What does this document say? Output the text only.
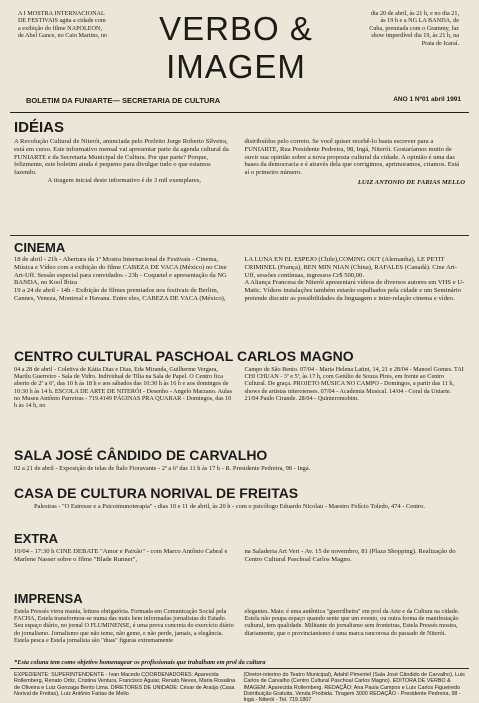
A I MOSTRA INTERNACIONAL DE FESTIVAIS agita a cidade com a exibição do filme NAPOLEON, de Abel Gance, no Caio Martins, no	VERBO & IMAGEM
dia 20 de abril, às 21 h, e no dia 21, às 19 h e a NG LA BANDA, de Cuba, premiada com o Grammy, faz show imperdível dia 19, às 21 h, na Praia de Icaraí.
BOLETIM DA FUNIARTE— SECRETARIA DE CULTURA	ANO 1 Nº01 abril 1991
IDÉIAS

A Revolução Cultural de Niterói, anunciada pelo Prefeito Jorge Roberto Silveira, está em curso. Este informativo mensal vai apresentar parte da agenda cultural da FUNIARTE e da Secretaria Municipal de Cultura. Por que parte? Porque, felizmente, este boletim ainda é pequeno para divulgar tudo o que estamos fazendo.

A tiragem inicial deste informativo é de 3 mil exemplares,

distribuídos pelo correio. Se você quiser recebê-lo basta escrever para a FUNIARTE, Rua Presidente Pedreira, 98, Ingá, Niterói. Gostaríamos muito de ouvir sua opinião sobre a nova proposta cultural da cidade. A opinião é uma das bases da democracia e é através dela que corrigimos, aprimoramos, criamos. Está aí o primeiro número.

LUIZ ANTONIO DE FARIAS MELLO

CINEMA

18 de abril - 21h - Abertura da 1ª Mostra Internacional de Festivais - Cinema, Música e Vídeo com a exibição do filme CABEZA DE VACA (México) no Cine Art-Uff. Sessão especial para convidados - 23h - Coquetel e apresentação da NG BANDA, no Kool Ibiza

19 a 24 de abril - 14h - Exibição de filmes premiados nos festivais de Berlim, Cannes, Veneza, Montreal e Havana. Entre eles, CABEZA DE VACA (México),

LA LUNA EN EL ESPEJO (Chile),COMING OUT (Alemanha), LE PETIT CRIMINEL (França), BEN MIN NIAN (China), RAFALES (Canadá). Cine Art-Uff, sessões contínuas, ingressos Cr$ 500,00.

A Aliança Francesa de Niterói apresentará vídeos de diversos autores em VHS e U-Matic. Vídeos instalações também estarão espalhados pela cidade e um Seminário pretende discutir as possibilidades da linguagem e inter-relação cinema e vídeo.

CENTRO CULTURAL PASCHOAL CARLOS MAGNO

04 a 28 de abril - Coletiva de Kátia Dias e Dias, Eda Miranda, Guilherme Vergara, Marilu Guerreiro - Sala de Vidro. Individual de Tilia na Sala de Papel. O Centro fica aberto de 2ª a 6ª, das 10 h às 18 h e aos sábados das 10:30 h às 16 h e aos domingos de 10:30 h às 14 h. ESCOLA DE ARTE DE NITERÓI - Desenho - Angelo Marzano. Aulas no Museu Antônio Parreiras - 719.4149 PÁGINAS PRA QUARAR - Domingos, das 10 h às 14 h, no

Campo de São Bento. 07/04 - Maria Helena Latini, 14, 21 e 28/04 - Manoel Gomes. TAI CHI CHUAN - 3ª e 5ª, às 17 h, com Getúlio de Souza Pires, em frente ao Centro Cultural. De graça. PROJETO MÚSICA NO CAMPO - Domingos, a partir das 11 h, shows de artistas niteroienses. 07/04 - Academia Musical. 14/04 - Coral da Uniarte. 21/04 Paulo Cirande. 28/04 - Quinteromobim.

SALA JOSÉ CÂNDIDO DE CARVALHO

02 a 21 de abril - Exposição de telas de Ítalo Fioravante - 2ª a 6ª das 11 h às 17 h - R. Presidente Pedreira, 98 - Ingá.

CASA DE CULTURA NORIVAL DE FREITAS

Palestras - "O Estresse e a Psicoimunoterapia" - dias 10 e 11 de abril, às 20 h - com o psicólogo Eduardo Nicolau - Maestro Felício Toledo, 474 - Centro.

EXTRA

10/04 - 17:30 h CINE DEBATE "Amor e Paixão" - com Marco Antônio Cabral e Marlene Nasser sobre o filme "Blade Runner",

na Saladeria Art Vert - Av. 15 de novembro, 81 (Plaza Shopping). Realização do Centro Cultural Paschoal Carlos Magno.

IMPRENSA

Estela Pressés virou mania, leitura obrigatória. Formada em Comunicação Social pela FACHA, Estela transformou-se numa das mais bem informadas jornalistas do Estado. Seu espaço diário, no jornal O FLUMINENSE, é uma prova concreta do exercício diário do jornalismo. Jornalismo que não teme, não geme, e não perde, jamais, a elegância. Estela pesca e Estela jornalista são "duas" figuras extremamente

elegantes. Mais: é uma autêntica "guerrilheira" em prol da Arte e da Cultura na cidade. Estela não poupa espaço quando sente que um evento, ou outra forma de manifestação cultural, tem qualidade. Militante do jornalismo sem fronteiras, Estela Pressés mostra, diariamente, que o provincianismo é uma marca rancorosa do passado de Niterói.

*Esta coluna tem como objetivo homenagear os profissionais que trabalham em prol da cultura
EXPEDIENTE: SUPERINTENDENTE - Ivan Macedo COORDENADORES: Aparecida Rollemberg, Renato Ortiz, Cristina Ventura, Francisco Aguiar, Renato Neves, Maria Rosalina de Oliveira e Luiz Gonzaga Bento Lima. DIRETORES DE UNIDADE: César de Araújo (Casa Norival de Freitas), Luiz Antônio Farias de Mello
(Diretor-interino do Teatro Municipal), Adahil Pimentel (Sala José Cândido de Carvalho), Luis Carlos de Carvalho (Centro Cultural Paschoal Carlos Magno). EDITORA DE VERBO & IMAGEM: Aparecida Rollemberg. REDAÇÃO: Ana Paula Campos e Luis Carlos Figueiredo Distribuição Gratuita. Venda Proibida. Tiragem 3000 REDAÇÃO - Presidente Pedreira, 98 - Ingá - Niterói - Tel. 719.1807
